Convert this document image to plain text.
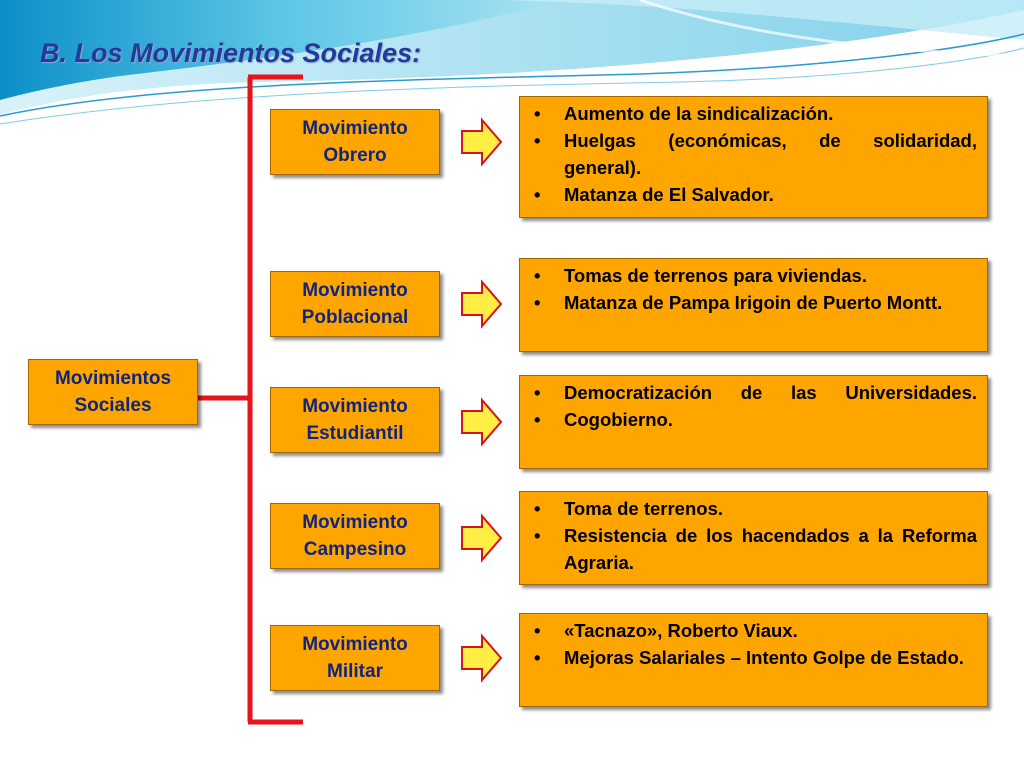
B. Los Movimientos Sociales:
Movimientos
Sociales
Movimiento
Obrero
• Aumento de la sindicalización.
• Huelgas (económicas, de solidaridad, general).
• Matanza de El Salvador.
Movimiento
Poblacional
• Tomas de terrenos para viviendas.
• Matanza de Pampa Irigoin de Puerto Montt.
Movimiento
Estudiantil
• Democratización de las Universidades.
• Cogobierno.
Movimiento
Campesino
• Toma de terrenos.
• Resistencia de los hacendados a la Reforma Agraria.
Movimiento
Militar
• «Tacnazo», Roberto Viaux.
• Mejoras Salariales – Intento Golpe de Estado.
